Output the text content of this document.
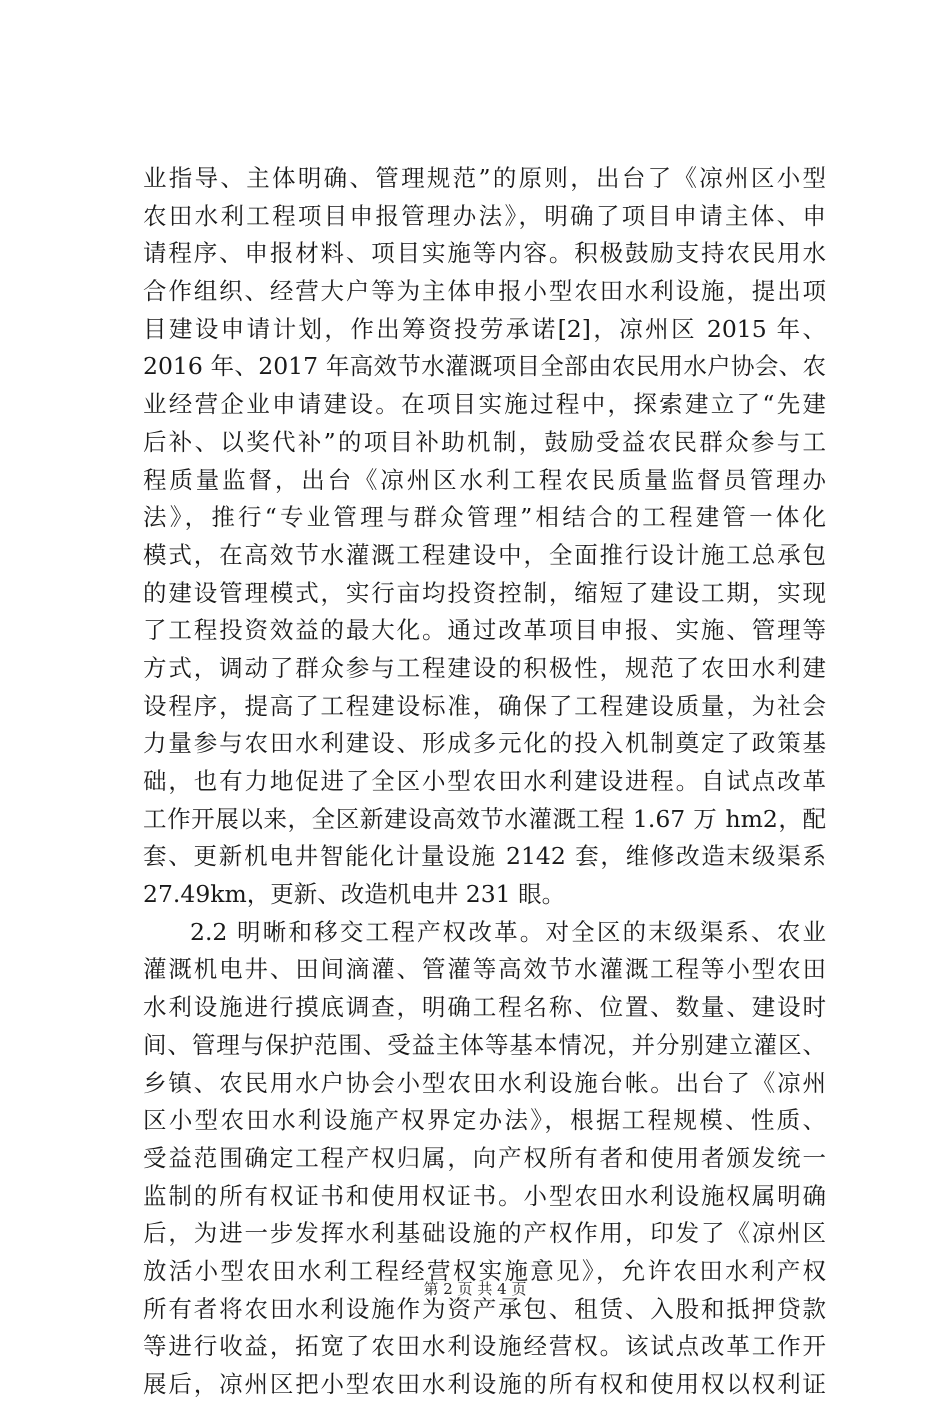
业指导、主体明确、管理规范”的原则，出台了《凉州区小型
农田水利工程项目申报管理办法》，明确了项目申请主体、申
请程序、申报材料、项目实施等内容。积极鼓励支持农民用水
合作组织、经营大户等为主体申报小型农田水利设施，提出项
目建设申请计划，作出筹资投劳承诺[2]，凉州区 2015 年、
2016 年、2017 年高效节水灌溉项目全部由农民用水户协会、农
业经营企业申请建设。在项目实施过程中，探索建立了“先建
后补、以奖代补”的项目补助机制，鼓励受益农民群众参与工
程质量监督，出台《凉州区水利工程农民质量监督员管理办
法》，推行“专业管理与群众管理”相结合的工程建管一体化
模式，在高效节水灌溉工程建设中，全面推行设计施工总承包
的建设管理模式，实行亩均投资控制，缩短了建设工期，实现
了工程投资效益的最大化。通过改革项目申报、实施、管理等
方式，调动了群众参与工程建设的积极性，规范了农田水利建
设程序，提高了工程建设标准，确保了工程建设质量，为社会
力量参与农田水利建设、形成多元化的投入机制奠定了政策基
础，也有力地促进了全区小型农田水利建设进程。自试点改革
工作开展以来，全区新建设高效节水灌溉工程 1.67 万 hm2，配
套、更新机电井智能化计量设施 2142 套，维修改造末级渠系
27.49km，更新、改造机电井 231 眼。
2.2 明晰和移交工程产权改革。对全区的末级渠系、农业
灌溉机电井、田间滴灌、管灌等高效节水灌溉工程等小型农田
水利设施进行摸底调查，明确工程名称、位置、数量、建设时
间、管理与保护范围、受益主体等基本情况，并分别建立灌区、
乡镇、农民用水户协会小型农田水利设施台帐。出台了《凉州
区小型农田水利设施产权界定办法》，根据工程规模、性质、
受益范围确定工程产权归属，向产权所有者和使用者颁发统一
监制的所有权证书和使用权证书。小型农田水利设施权属明确
后，为进一步发挥水利基础设施的产权作用，印发了《凉州区
放活小型农田水利工程经营权实施意见》，允许农田水利产权
所有者将农田水利设施作为资产承包、租赁、入股和抵押贷款
等进行收益，拓宽了农田水利设施经营权。该试点改革工作开
展后，凉州区把小型农田水利设施的所有权和使用权以权利证
第 2 页 共 4 页
